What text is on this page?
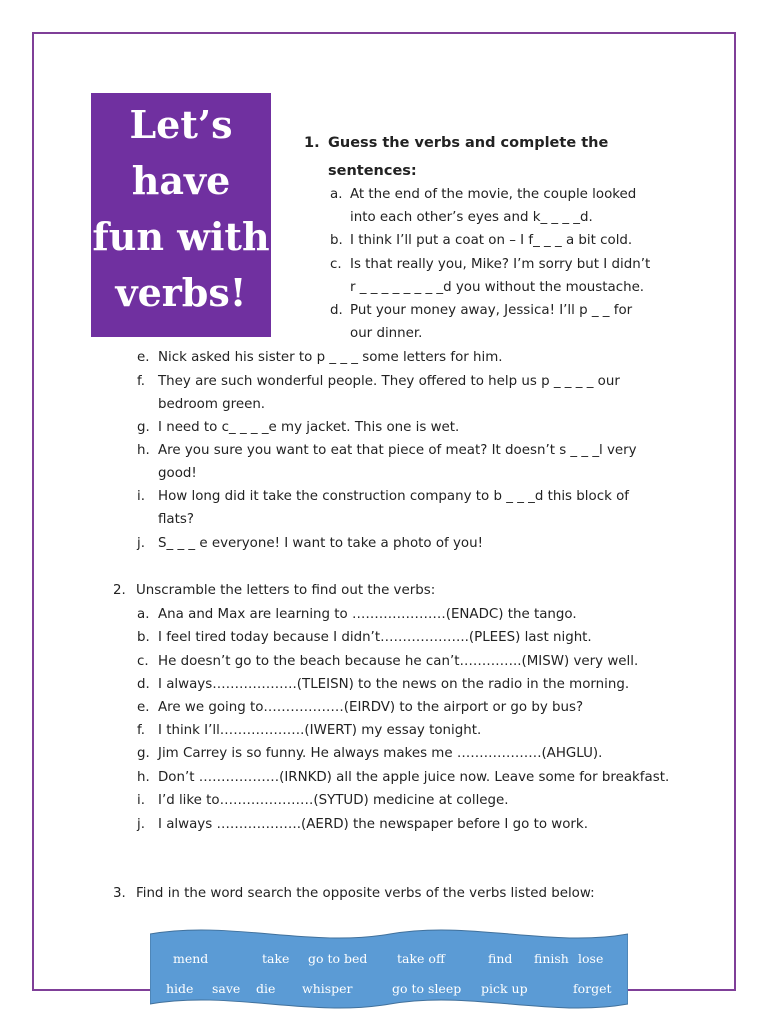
Let’s
have
fun with
verbs!
1. Guess the verbs and complete the
sentences:
a. At the end of the movie, the couple looked
into each other’s eyes and k_ _ _ _d.
b. I think I’ll put a coat on – I f_ _ _ a bit cold.
c. Is that really you, Mike? I’m sorry but I didn’t
r _ _ _ _ _ _ _ _d you without the moustache.
d. Put your money away, Jessica! I’ll p _ _ for
our dinner.
e. Nick asked his sister to p _ _ _ some letters for him.
f. They are such wonderful people. They offered to help us p _ _ _ _ our
bedroom green.
g. I need to c_ _ _ _e my jacket. This one is wet.
h. Are you sure you want to eat that piece of meat? It doesn’t s _ _ _l very
good!
i. How long did it take the construction company to b _ _ _d this block of
flats?
j. S_ _ _ e everyone! I want to take a photo of you!
2. Unscramble the letters to find out the verbs:
a. Ana and Max are learning to …………………(ENADC) the tango.
b. I feel tired today because I didn’t………………..(PLEES) last night.
c. He doesn’t go to the beach because he can’t…………..(MISW) very well.
d. I always……………….(TLEISN) to the news on the radio in the morning.
e. Are we going to………………(EIRDV) to the airport or go by bus?
f. I think I’ll……………….(IWERT) my essay tonight.
g. Jim Carrey is so funny. He always makes me ……………….(AHGLU).
h. Don’t ………………(IRNKD) all the apple juice now. Leave some for breakfast.
i. I’d like to…………………(SYTUD) medicine at college.
j. I always ……………….(AERD) the newspaper before I go to work.
3. Find in the word search the opposite verbs of the verbs listed below:
mend	take go to bed take off	find finish lose
hide save die whisper	go to sleep pick up	forget
